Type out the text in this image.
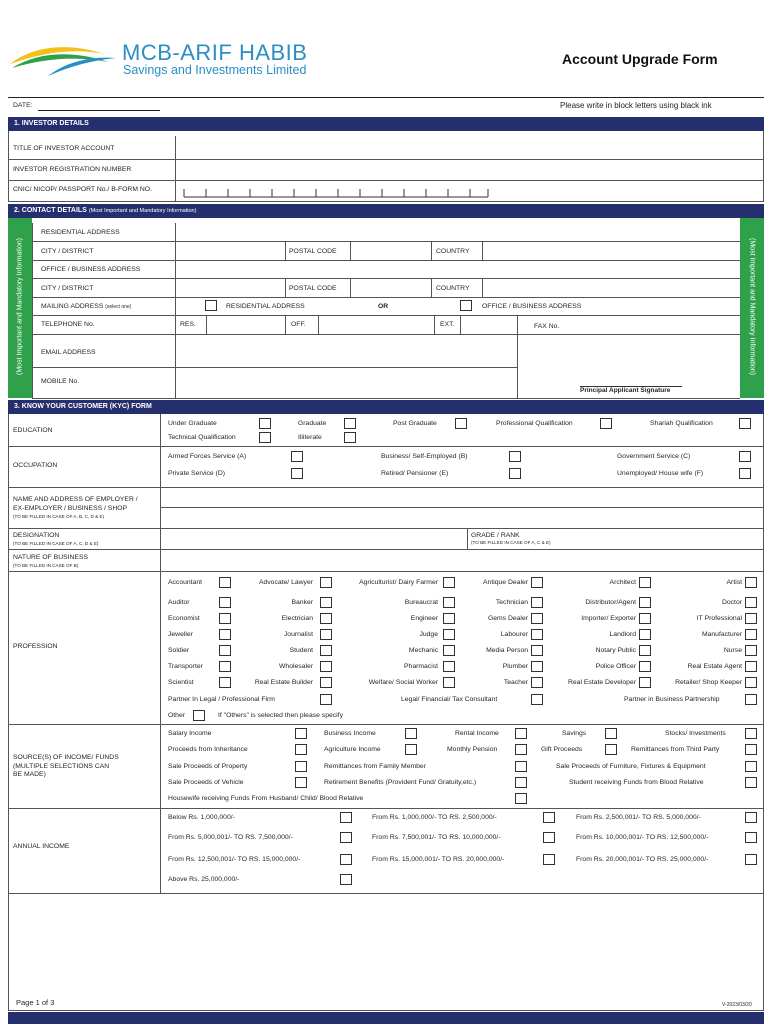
MCB-ARIF HABIB
Savings and Investments Limited
Account Upgrade Form
DATE:	Please write in block letters using black ink
1. INVESTOR DETAILS
TITLE OF INVESTOR ACCOUNT
INVESTOR REGISTRATION NUMBER
CNIC/ NICOP/ PASSPORT No./ B-FORM NO.
2. CONTACT DETAILS (Most Important and Mandatory Information)
(Most Important and Mandatory Information)	(Most Important and Mandatory Information)
RESIDENTIAL ADDRESS
CITY / DISTRICT	POSTAL CODE	COUNTRY
OFFICE / BUSINESS ADDRESS
CITY / DISTRICT	POSTAL CODE	COUNTRY
MAILING ADDRESS (select one)	RESIDENTIAL ADDRESS	OR	OFFICE / BUSINESS ADDRESS
TELEPHONE No.	RES.	OFF.	EXT.	FAX No.
EMAIL ADDRESS
MOBILE No.
Principal Applicant Signature
3. KNOW YOUR CUSTOMER (KYC) FORM
EDUCATION
Under Graduate	Graduate	Post Graduate	Professional Qualification	Shariah Qualification
Technical Qualification	Illiterate
OCCUPATION
Armed Forces Service (A)	Business/ Self-Employed (B)	Government Service (C)
Private Service (D)	Retired/ Pensioner (E)	Unemployed/ House wife (F)
NAME AND ADDRESS OF EMPLOYER /
EX-EMPLOYER / BUSINESS / SHOP
(TO BE FILLED IN CASE OF A, B, C, D & E)
DESIGNATION
(TO BE FILLED IN CASE OF A, C, D & E)
GRADE / RANK
(TO BE FILLED IN CASE OF A, C & E)
NATURE OF BUSINESS
(TO BE FILLED IN CASE OF B)
PROFESSION
Accountant	Advocate/ Lawyer	Agriculturist/ Dairy Farmer	Antique Dealer	Architect	Artist
Auditor	Banker	Bureaucrat	Technician	Distributor/Agent	Doctor
Economist	Electrician	Engineer	Gems Dealer	Importer/ Exporter	IT Professional
Jeweller	Journalist	Judge	Labourer	Landlord	Manufacturer
Soldier	Student	Mechanic	Media Person	Notary Public	Nurse
Transporter	Wholesaler	Pharmacist	Plumber	Police Officer	Real Estate Agent
Scientist	Real Estate Builder	Welfare/ Social Worker	Teacher	Real Estate Developer	Retailer/ Shop Keeper
Partner In Legal / Professional Firm	Legal/ Financial/ Tax Consultant	Partner in Business Partnership
Other	If "Others" is selected then please specify
SOURCE(S) OF INCOME/ FUNDS
(MULTIPLE SELECTIONS CAN
BE MADE)
Salary Income	Business Income	Rental Income	Savings	Stocks/ Investments
Proceeds from Inheritance	Agriculture Income	Monthly Pension	Gift Proceeds	Remittances from Third Party
Sale Proceeds of Property	Remittances from Family Member	Sale Proceeds of Furniture, Fixtures & Equipment
Sale Proceeds of Vehicle	Retirement Benefits (Provident Fund/ Gratuity,etc.)	Student receiving Funds from Blood Relative
Housewife receiving Funds From Husband/ Child/ Blood Relative
ANNUAL INCOME
Below Rs. 1,000,000/-	From Rs. 1,000,000/- TO RS. 2,500,000/-	From Rs. 2,500,001/- TO RS. 5,000,000/-
From Rs. 5,000,001/- TO RS. 7,500,000/-	From Rs. 7,500,001/- TO RS. 10,000,000/-	From Rs. 10,000,001/- TO RS. 12,500,000/-
From Rs. 12,500,001/- TO RS. 15,000,000/-	From Rs. 15,000,001/- TO RS. 20,000,000/-	From Rs. 20,000,001/- TO RS. 25,000,000/-
Above Rs. 25,000,000/-
Page 1 of 3	V-2023/03/20
